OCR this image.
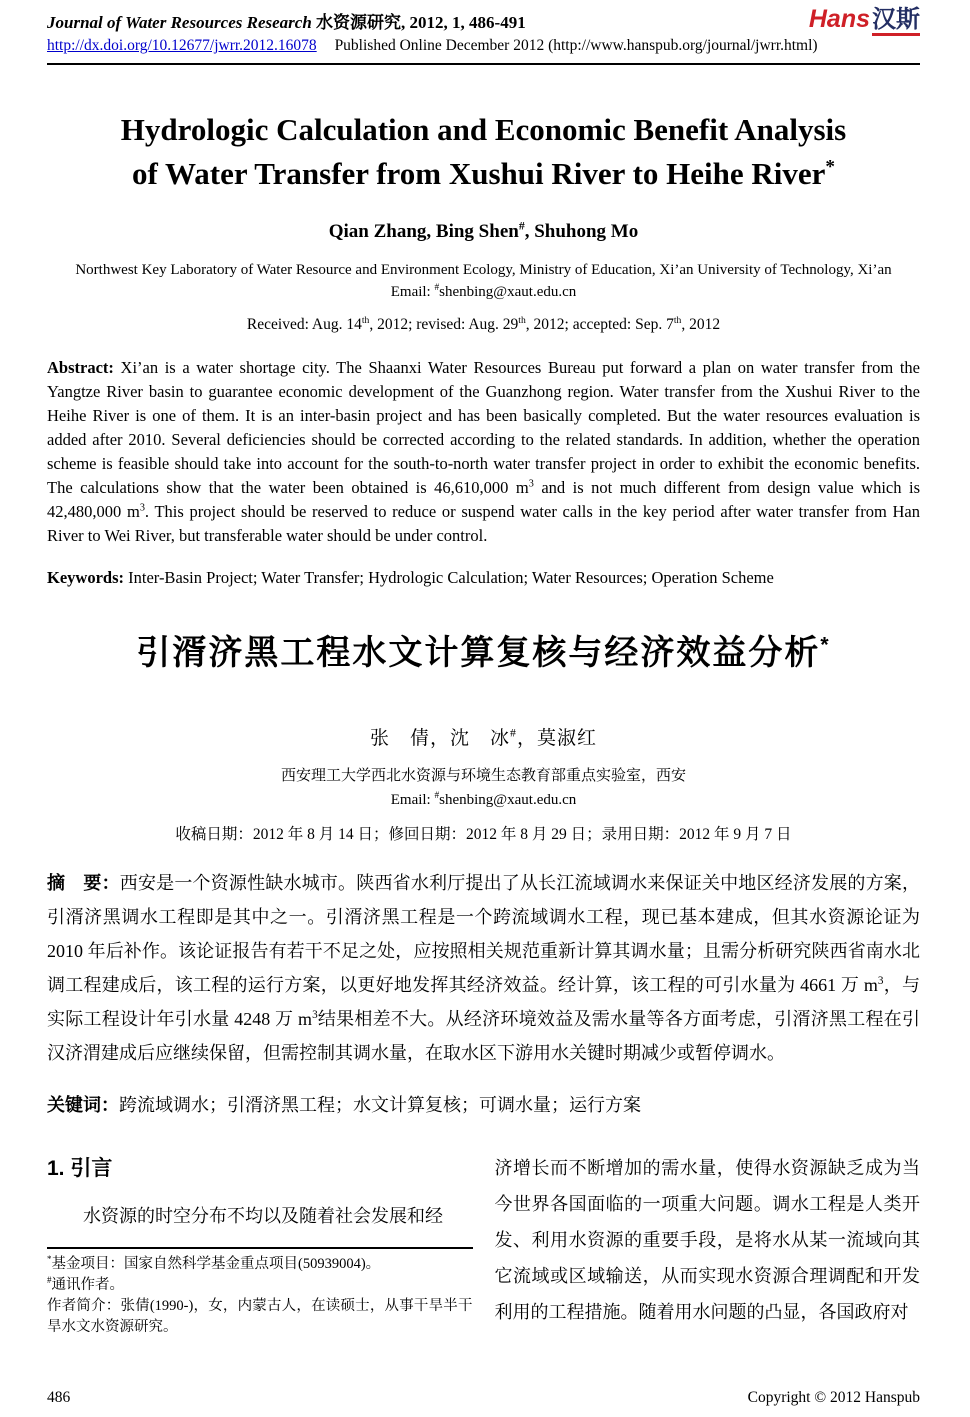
Journal of Water Resources Research 水资源研究, 2012, 1, 486-491
http://dx.doi.org/10.12677/jwrr.2012.16078 Published Online December 2012 (http://www.hanspub.org/journal/jwrr.html)
Hans汉斯
Hydrologic Calculation and Economic Benefit Analysis
of Water Transfer from Xushui River to Heihe River*
Qian Zhang, Bing Shen#, Shuhong Mo
Northwest Key Laboratory of Water Resource and Environment Ecology, Ministry of Education, Xi’an University of Technology, Xi’an
Email: #shenbing@xaut.edu.cn
Received: Aug. 14th, 2012; revised: Aug. 29th, 2012; accepted: Sep. 7th, 2012

Abstract: Xi’an is a water shortage city. The Shaanxi Water Resources Bureau put forward a plan on water transfer from the Yangtze River basin to guarantee economic development of the Guanzhong region. Water transfer from the Xushui River to the Heihe River is one of them. It is an inter-basin project and has been basically completed. But the water resources evaluation is added after 2010. Several deficiencies should be corrected according to the related standards. In addition, whether the operation scheme is feasible should take into account for the south-to-north water transfer project in order to exhibit the economic benefits. The calculations show that the water been obtained is 46,610,000 $m^3$ and is not much different from design value which is 42,480,000 $m^3$. This project should be reserved to reduce or suspend water calls in the key period after water transfer from Han River to Wei River, but transferable water should be under control.

Keywords: Inter-Basin Project; Water Transfer; Hydrologic Calculation; Water Resources; Operation Scheme

引湑济黑工程水文计算复核与经济效益分析*
张　倩，沈　冰#，莫淑红
西安理工大学西北水资源与环境生态教育部重点实验室，西安
Email: #shenbing@xaut.edu.cn
收稿日期：2012 年 8 月 14 日；修回日期：2012 年 8 月 29 日；录用日期：2012 年 9 月 7 日

摘　要：西安是一个资源性缺水城市。陕西省水利厅提出了从长江流域调水来保证关中地区经济发展的方案，引湑济黑调水工程即是其中之一。引湑济黑工程是一个跨流域调水工程，现已基本建成，但其水资源论证为 2010 年后补作。该论证报告有若干不足之处，应按照相关规范重新计算其调水量；且需分析研究陕西省南水北调工程建成后，该工程的运行方案，以更好地发挥其经济效益。经计算，该工程的可引水量为 4661 万 $m^3$，与实际工程设计年引水量 4248 万 $m^3$结果相差不大。从经济环境效益及需水量等各方面考虑，引湑济黑工程在引汉济渭建成后应继续保留，但需控制其调水量，在取水区下游用水关键时期减少或暂停调水。

关键词：跨流域调水；引湑济黑工程；水文计算复核；可调水量；运行方案

1. 引言

水资源的时空分布不均以及随着社会发展和经

*基金项目：国家自然科学基金重点项目(50939004)。

#通讯作者。

作者简介：张倩(1990-)，女，内蒙古人，在读硕士，从事干旱半干旱水文水资源研究。

济增长而不断增加的需水量，使得水资源缺乏成为当今世界各国面临的一项重大问题。调水工程是人类开发、利用水资源的重要手段，是将水从某一流域向其它流域或区域输送，从而实现水资源合理调配和开发利用的工程措施。随着用水问题的凸显，各国政府对

486	Copyright © 2012 Hanspub
